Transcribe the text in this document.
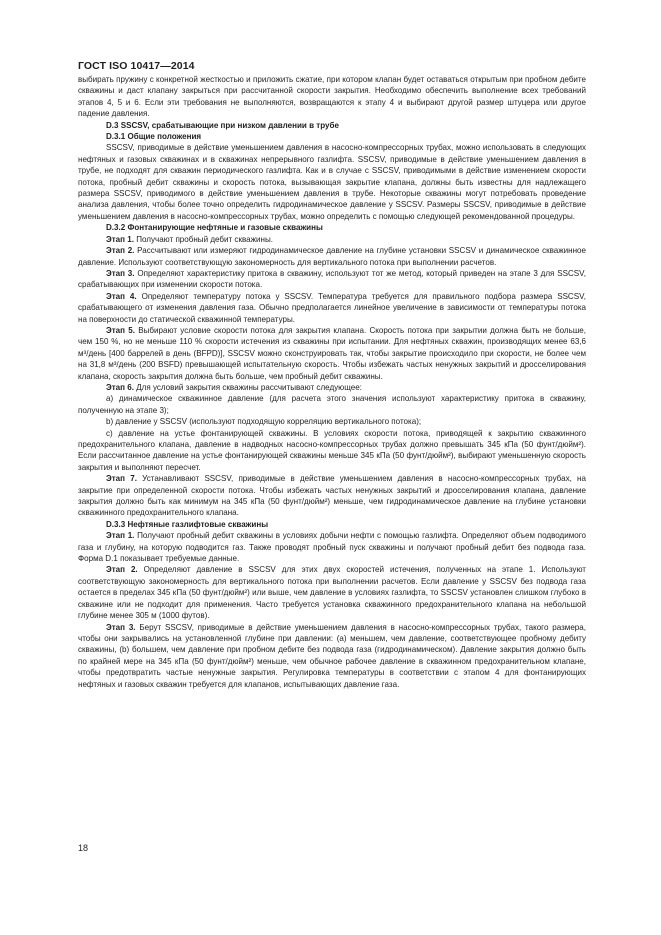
ГОСТ ISO 10417—2014

выбирать пружину с конкретной жесткостью и приложить сжатие, при котором клапан будет оставаться открытым при пробном дебите скважины и даст клапану закрыться при рассчитанной скорости закрытия. Необходимо обеспечить выполнение всех требований этапов 4, 5 и 6. Если эти требования не выполняются, возвращаются к этапу 4 и выбирают другой размер штуцера или другое падение давления.

D.3 SSCSV, срабатывающие при низком давлении в трубе

D.3.1 Общие положения

SSCSV, приводимые в действие уменьшением давления в насосно-компрессорных трубах, можно использовать в следующих нефтяных и газовых скважинах и в скважинах непрерывного газлифта. SSCSV, приводимые в действие уменьшением давления в трубе, не подходят для скважин периодического газлифта. Как и в случае с SSCSV, приводимыми в действие изменением скорости потока, пробный дебит скважины и скорость потока, вызывающая закрытие клапана, должны быть известны для надлежащего размера SSCSV, приводимого в действие уменьшением давления в трубе. Некоторые скважины могут потребовать проведение анализа давления, чтобы более точно определить гидродинамическое давление у SSCSV. Размеры SSCSV, приводимые в действие уменьшением давления в насосно-компрессорных трубах, можно определить с помощью следующей рекомендованной процедуры.

D.3.2 Фонтанирующие нефтяные и газовые скважины

Этап 1. Получают пробный дебит скважины.

Этап 2. Рассчитывают или измеряют гидродинамическое давление на глубине установки SSCSV и динамическое скважинное давление. Используют соответствующую закономерность для вертикального потока при выполнении расчетов.

Этап 3. Определяют характеристику притока в скважину, используют тот же метод, который приведен на этапе 3 для SSCSV, срабатывающих при изменении скорости потока.

Этап 4. Определяют температуру потока у SSCSV. Температура требуется для правильного подбора размера SSCSV, срабатывающего от изменения давления газа. Обычно предполагается линейное увеличение в зависимости от температуры потока на поверхности до статической скважинной температуры.

Этап 5. Выбирают условие скорости потока для закрытия клапана. Скорость потока при закрытии должна быть не больше, чем 150 %, но не меньше 110 % скорости истечения из скважины при испытании. Для нефтяных скважин, производящих менее 63,6 м³/день [400 баррелей в день (BFPD)], SSCSV можно сконструировать так, чтобы закрытие происходило при скорости, не более чем на 31,8 м³/день (200 BSFD) превышающей испытательную скорость. Чтобы избежать частых ненужных закрытий и дросселирования клапана, скорость закрытия должна быть больше, чем пробный дебит скважины.

Этап 6. Для условий закрытия скважины рассчитывают следующее:

a) динамическое скважинное давление (для расчета этого значения используют характеристику притока в скважину, полученную на этапе 3);

b) давление у SSCSV (используют подходящую корреляцию вертикального потока);

c) давление на устье фонтанирующей скважины. В условиях скорости потока, приводящей к закрытию скважинного предохранительного клапана, давление в надводных насосно-компрессорных трубах должно превышать 345 кПа (50 фунт/дюйм²). Если рассчитанное давление на устье фонтанирующей скважины меньше 345 кПа (50 фунт/дюйм²), выбирают уменьшенную скорость закрытия и выполняют пересчет.

Этап 7. Устанавливают SSCSV, приводимые в действие уменьшением давления в насосно-компрессорных трубах, на закрытие при определенной скорости потока. Чтобы избежать частых ненужных закрытий и дросселирования клапана, давление закрытия должно быть как минимум на 345 кПа (50 фунт/дюйм²) меньше, чем гидродинамическое давление на глубине установки скважинного предохранительного клапана.

D.3.3 Нефтяные газлифтовые скважины

Этап 1. Получают пробный дебит скважины в условиях добычи нефти с помощью газлифта. Определяют объем подводимого газа и глубину, на которую подводится газ. Также проводят пробный пуск скважины и получают пробный дебит без подвода газа. Форма D.1 показывает требуемые данные.

Этап 2. Определяют давление в SSCSV для этих двух скоростей истечения, полученных на этапе 1. Используют соответствующую закономерность для вертикального потока при выполнении расчетов. Если давление у SSCSV без подвода газа остается в пределах 345 кПа (50 фунт/дюйм²) или выше, чем давление в условиях газлифта, то SSCSV установлен слишком глубоко в скважине или не подходит для применения. Часто требуется установка скважинного предохранительного клапана на небольшой глубине менее 305 м (1000 футов).

Этап 3. Берут SSCSV, приводимые в действие уменьшением давления в насосно-компрессорных трубах, такого размера, чтобы они закрывались на установленной глубине при давлении: (a) меньшем, чем давление, соответствующее пробному дебиту скважины, (b) большем, чем давление при пробном дебите без подвода газа (гидродинамическом). Давление закрытия должно быть по крайней мере на 345 кПа (50 фунт/дюйм²) меньше, чем обычное рабочее давление в скважинном предохранительном клапане, чтобы предотвратить частые ненужные закрытия. Регулировка температуры в соответствии с этапом 4 для фонтанирующих нефтяных и газовых скважин требуется для клапанов, испытывающих давление газа.

18
